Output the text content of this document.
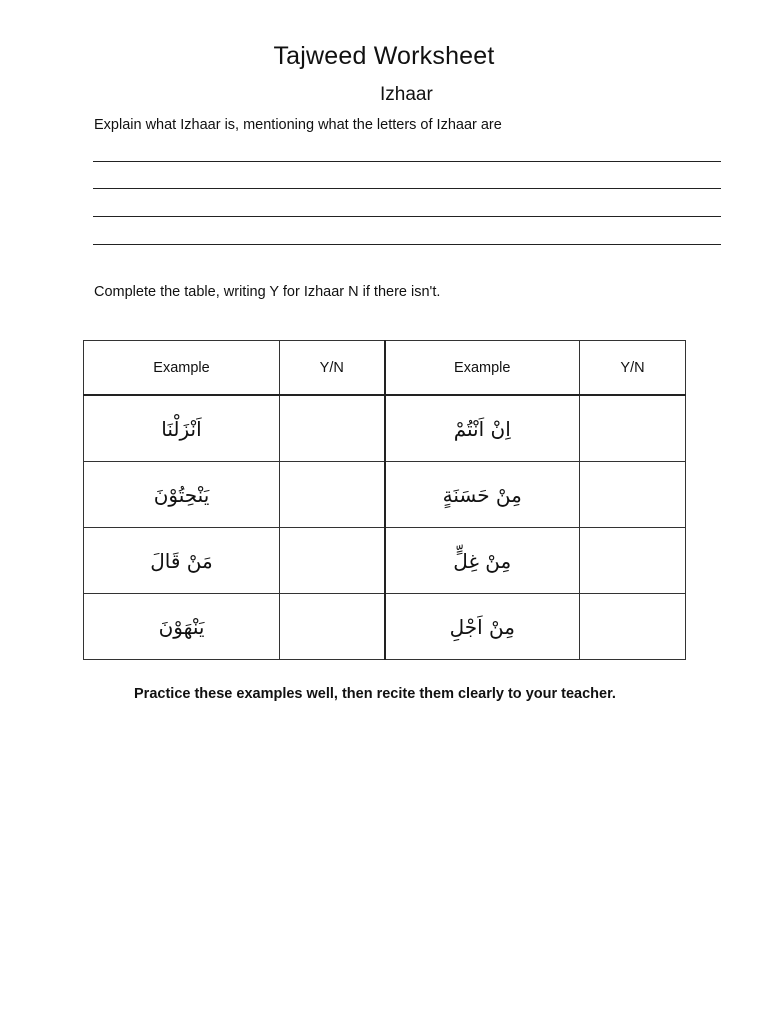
Tajweed Worksheet
Izhaar
Explain what Izhaar is, mentioning what the letters of Izhaar are
Complete the table, writing Y for Izhaar N if there isn't.
Example	Y/N	Example	Y/N
اَنْزَلْنَا		اِنْ اَنْتُمْ	
يَنْحِتُوْنَ		مِنْ حَسَنَةٍ	
مَنْ قَالَ		مِنْ غِلٍّ	
يَنْهَوْنَ		مِنْ اَجْلِ	
Practice these examples well, then recite them clearly to your teacher.
